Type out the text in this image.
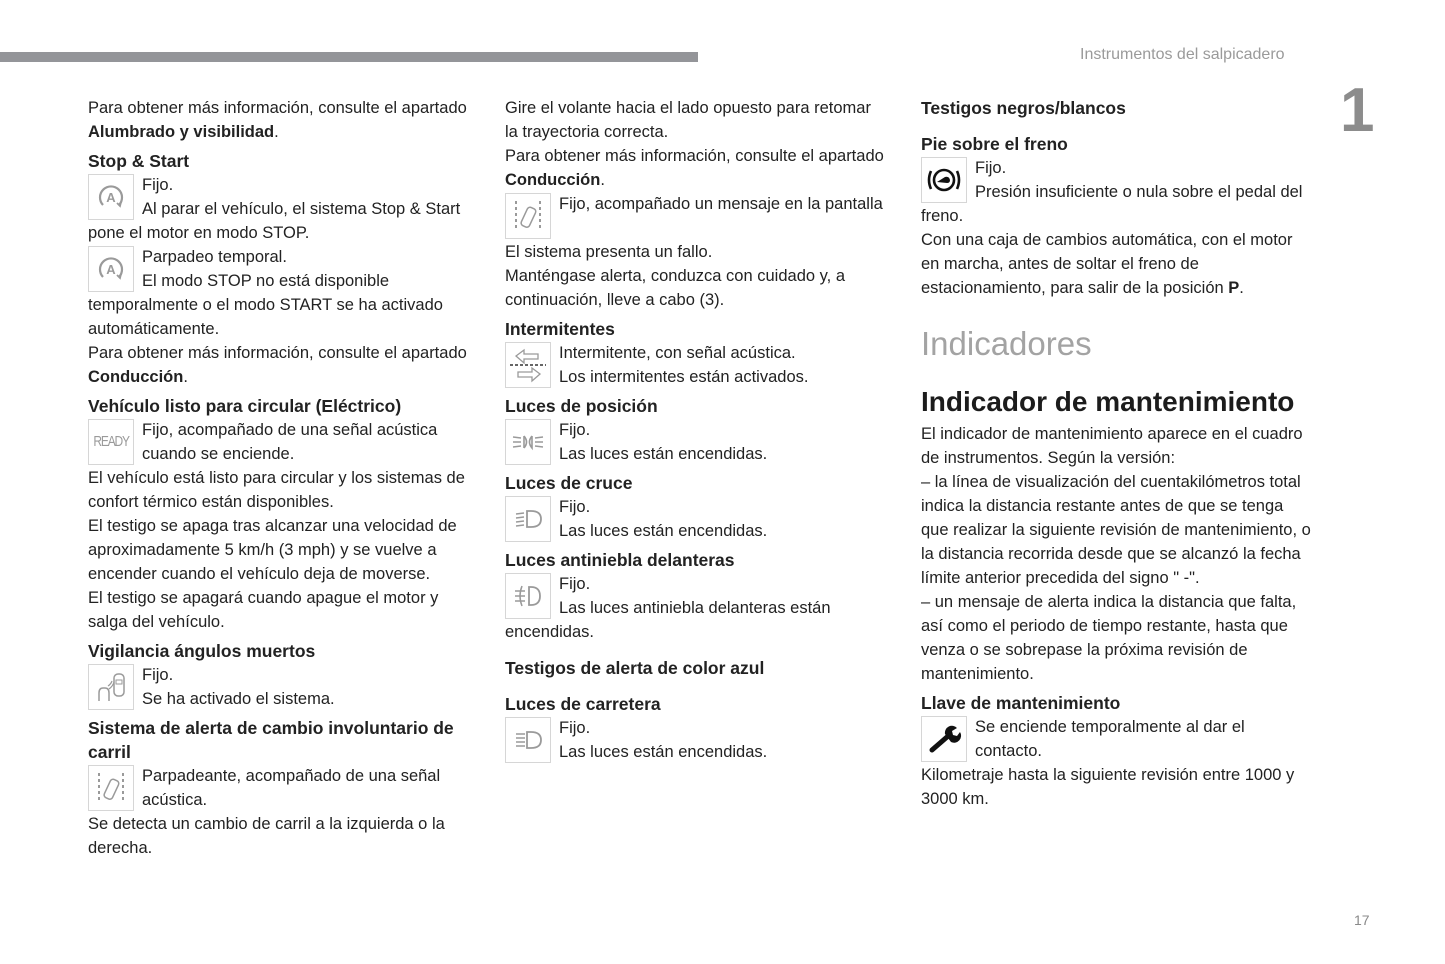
Instrumentos del salpicadero
1
17

Para obtener más información, consulte el apartado Alumbrado y visibilidad.

Stop & Start
A

Fijo.

Al parar el vehículo, el sistema Stop & Start pone el motor en modo STOP.

A

Parpadeo temporal.

El modo STOP no está disponible temporalmente o el modo START se ha activado automáticamente.

Para obtener más información, consulte el apartado Conducción.

Vehículo listo para circular (Eléctrico)
READY

Fijo, acompañado de una señal acústica cuando se enciende.

El vehículo está listo para circular y los sistemas de confort térmico están disponibles.

El testigo se apaga tras alcanzar una velocidad de aproximadamente 5 km/h (3 mph) y se vuelve a encender cuando el vehículo deja de moverse.

El testigo se apagará cuando apague el motor y salga del vehículo.

Vigilancia ángulos muertos

Fijo.

Se ha activado el sistema.

Sistema de alerta de cambio involuntario de carril

Parpadeante, acompañado de una señal acústica.

Se detecta un cambio de carril a la izquierda o la derecha.

Gire el volante hacia el lado opuesto para retomar la trayectoria correcta.

Para obtener más información, consulte el apartado Conducción.

Fijo, acompañado un mensaje en la pantalla

El sistema presenta un fallo.

Manténgase alerta, conduzca con cuidado y, a continuación, lleve a cabo (3).

Intermitentes

Intermitente, con señal acústica.

Los intermitentes están activados.

Luces de posición

Fijo.

Las luces están encendidas.

Luces de cruce

Fijo.

Las luces están encendidas.

Luces antiniebla delanteras

Fijo.

Las luces antiniebla delanteras están encendidas.

Testigos de alerta de color azul
Luces de carretera

Fijo.

Las luces están encendidas.

Testigos negros/blancos
Pie sobre el freno

Fijo.

Presión insuficiente o nula sobre el pedal del freno.

Con una caja de cambios automática, con el motor en marcha, antes de soltar el freno de estacionamiento, para salir de la posición P.

Indicadores
Indicador de mantenimiento

El indicador de mantenimiento aparece en el cuadro de instrumentos. Según la versión:

– la línea de visualización del cuentakilómetros total indica la distancia restante antes de que se tenga que realizar la siguiente revisión de mantenimiento, o la distancia recorrida desde que se alcanzó la fecha límite anterior precedida del signo " -".

– un mensaje de alerta indica la distancia que falta, así como el periodo de tiempo restante, hasta que venza o se sobrepase la próxima revisión de mantenimiento.

Llave de mantenimiento

Se enciende temporalmente al dar el contacto.

Kilometraje hasta la siguiente revisión entre 1000 y 3000 km.
